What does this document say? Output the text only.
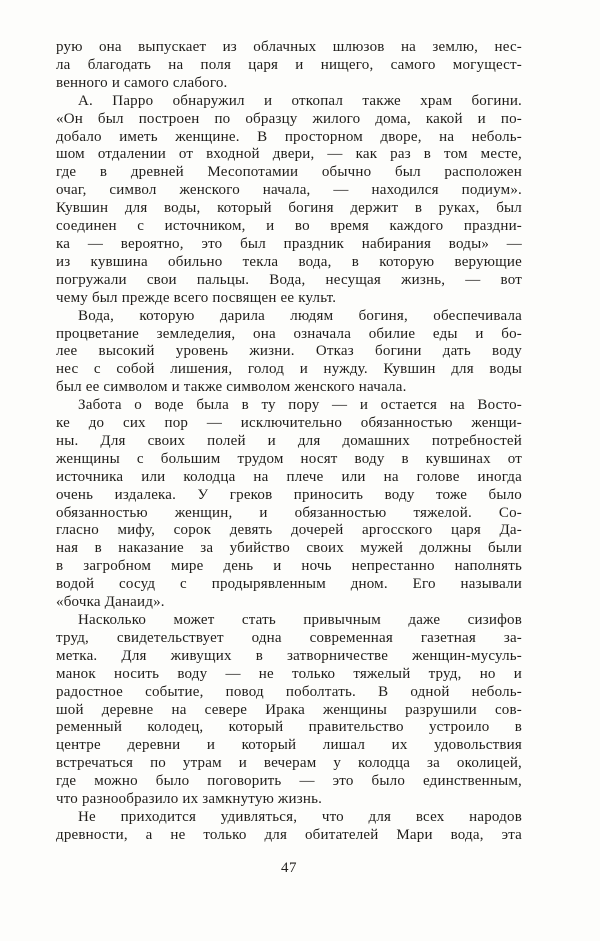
рую она выпускает из облачных шлюзов на землю, нес-
ла благодать на поля царя и нищего, самого могущест-
венного и самого слабого.

А. Парро обнаружил и откопал также храм богини.
«Он был построен по образцу жилого дома, какой и по-
добало иметь женщине. В просторном дворе, на неболь-
шом отдалении от входной двери, — как раз в том месте,
где в древней Месопотамии обычно был расположен
очаг, символ женского начала, — находился подиум».
Кувшин для воды, который богиня держит в руках, был
соединен с источником, и во время каждого праздни-
ка — вероятно, это был праздник набирания воды» —
из кувшина обильно текла вода, в которую верующие
погружали свои пальцы. Вода, несущая жизнь, — вот
чему был прежде всего посвящен ее культ.

Вода, которую дарила людям богиня, обеспечивала
процветание земледелия, она означала обилие еды и бо-
лее высокий уровень жизни. Отказ богини дать воду
нес с собой лишения, голод и нужду. Кувшин для воды
был ее символом и также символом женского начала.

Забота о воде была в ту пору — и остается на Восто-
ке до сих пор — исключительно обязанностью женщи-
ны. Для своих полей и для домашних потребностей
женщины с большим трудом носят воду в кувшинах от
источника или колодца на плече или на голове иногда
очень издалека. У греков приносить воду тоже было
обязанностью женщин, и обязанностью тяжелой. Со-
гласно мифу, сорок девять дочерей аргосского царя Да-
ная в наказание за убийство своих мужей должны были
в загробном мире день и ночь непрестанно наполнять
водой сосуд с продырявленным дном. Его называли
«бочка Данаид».

Насколько может стать привычным даже сизифов
труд, свидетельствует одна современная газетная за-
метка. Для живущих в затворничестве женщин-мусуль-
манок носить воду — не только тяжелый труд, но и
радостное событие, повод поболтать. В одной неболь-
шой деревне на севере Ирака женщины разрушили сов-
ременный колодец, который правительство устроило в
центре деревни и который лишал их удовольствия
встречаться по утрам и вечерам у колодца за околицей,
где можно было поговорить — это было единственным,
что разнообразило их замкнутую жизнь.

Не приходится удивляться, что для всех народов
древности, а не только для обитателей Мари вода, эта

47
